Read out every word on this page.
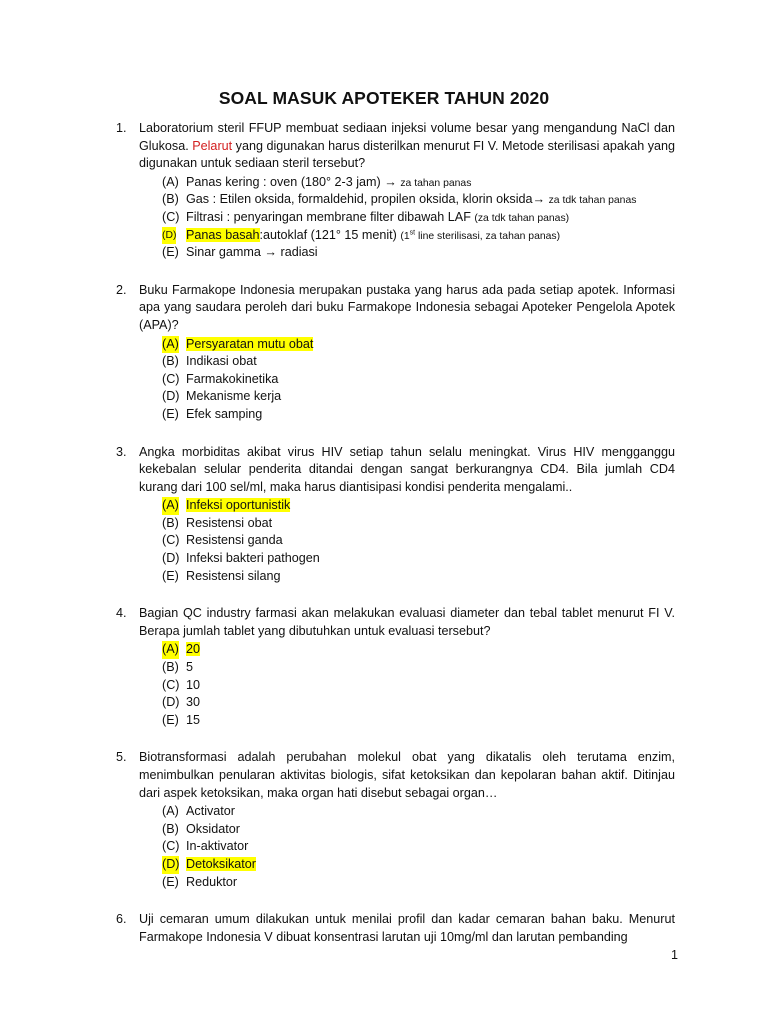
SOAL MASUK APOTEKER TAHUN 2020
1. Laboratorium steril FFUP membuat sediaan injeksi volume besar yang mengandung NaCl dan Glukosa. Pelarut yang digunakan harus disterilkan menurut FI V. Metode sterilisasi apakah yang digunakan untuk sediaan steril tersebut?
(A) Panas kering : oven (180° 2-3 jam) → za tahan panas
(B) Gas : Etilen oksida, formaldehid, propilen oksida, klorin oksida→ za tdk tahan panas
(C) Filtrasi : penyaringan membrane filter dibawah LAF (za tdk tahan panas)
(D) Panas basah:autoklaf (121° 15 menit) (1st line sterilisasi, za tahan panas)
(E) Sinar gamma → radiasi
2. Buku Farmakope Indonesia merupakan pustaka yang harus ada pada setiap apotek. Informasi apa yang saudara peroleh dari buku Farmakope Indonesia sebagai Apoteker Pengelola Apotek (APA)?
(A) Persyaratan mutu obat
(B) Indikasi obat
(C) Farmakokinetika
(D) Mekanisme kerja
(E) Efek samping
3. Angka morbiditas akibat virus HIV setiap tahun selalu meningkat. Virus HIV mengganggu kekebalan selular penderita ditandai dengan sangat berkurangnya CD4. Bila jumlah CD4 kurang dari 100 sel/ml, maka harus diantisipasi kondisi penderita mengalami..
(A) Infeksi oportunistik
(B) Resistensi obat
(C) Resistensi ganda
(D) Infeksi bakteri pathogen
(E) Resistensi silang
4. Bagian QC industry farmasi akan melakukan evaluasi diameter dan tebal tablet menurut FI V. Berapa jumlah tablet yang dibutuhkan untuk evaluasi tersebut?
(A) 20
(B) 5
(C) 10
(D) 30
(E) 15
5. Biotransformasi adalah perubahan molekul obat yang dikatalis oleh terutama enzim, menimbulkan penularan aktivitas biologis, sifat ketoksikan dan kepolaran bahan aktif. Ditinjau dari aspek ketoksikan, maka organ hati disebut sebagai organ…
(A) Activator
(B) Oksidator
(C) In-aktivator
(D) Detoksikator
(E) Reduktor
6. Uji cemaran umum dilakukan untuk menilai profil dan kadar cemaran bahan baku. Menurut Farmakope Indonesia V dibuat konsentrasi larutan uji 10mg/ml dan larutan pembanding
1
